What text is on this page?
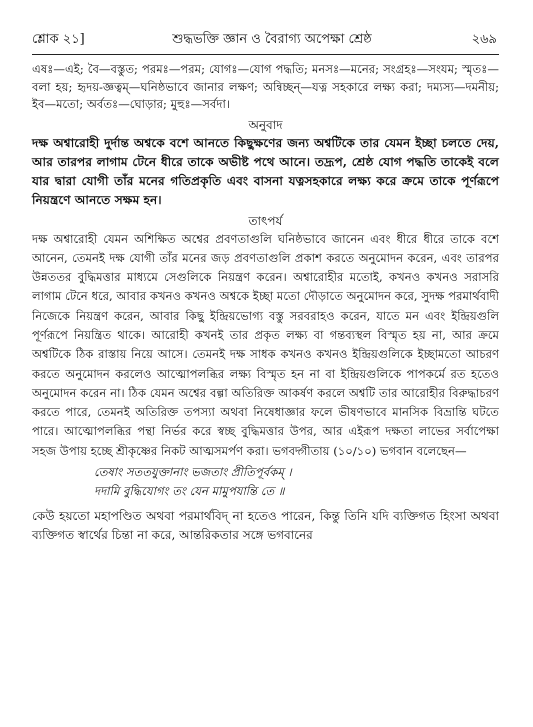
শ্লোক ২১]	শুদ্ধভক্তি জ্ঞান ও বৈরাগ্য অপেক্ষা শ্রেষ্ঠ	২৬৯

এষঃ—এই; বৈ—বস্তুত; পরমঃ—পরম; যোগঃ—যোগ পদ্ধতি; মনসঃ—মনের; সংগ্রহঃ—সংযম; স্মৃতঃ—বলা হয়; হৃদয়-জ্ঞত্বম্—ঘনিষ্ঠভাবে জানার লক্ষণ; অন্বিচ্ছন্—যত্ন সহকারে লক্ষ্য করা; দম্যস্য—দমনীয়; ইব—মতো; অর্বতঃ—ঘোড়ার; মুহুঃ—সর্বদা।

অনুবাদ

দক্ষ অশ্বারোহী দুর্দান্ত অশ্বকে বশে আনতে কিছুক্ষণের জন্য অশ্বটিকে তার যেমন ইচ্ছা চলতে দেয়, আর তারপর লাগাম টেনে ধীরে তাকে অভীষ্ট পথে আনে। তদ্রূপ, শ্রেষ্ঠ যোগ পদ্ধতি তাকেই বলে যার দ্বারা যোগী তাঁর মনের গতিপ্রকৃতি এবং বাসনা যত্নসহকারে লক্ষ্য করে ক্রমে তাকে পূর্ণরূপে নিয়ন্ত্রণে আনতে সক্ষম হন।

তাৎপর্য

দক্ষ অশ্বারোহী যেমন অশিক্ষিত অশ্বের প্রবণতাগুলি ঘনিষ্ঠভাবে জানেন এবং ধীরে ধীরে তাকে বশে আনেন, তেমনই দক্ষ যোগী তাঁর মনের জড় প্রবণতাগুলি প্রকাশ করতে অনুমোদন করেন, এবং তারপর উন্নততর বুদ্ধিমত্তার মাধ্যমে সেগুলিকে নিয়ন্ত্রণ করেন। অশ্বারোহীর মতোই, কখনও কখনও সরাসরি লাগাম টেনে ধরে, আবার কখনও কখনও অশ্বকে ইচ্ছা মতো দৌড়াতে অনুমোদন করে, সুদক্ষ পরমার্থবাদী নিজেকে নিয়ন্ত্রণ করেন, আবার কিছু ইন্দ্রিয়ভোগ্য বস্তু সরবরাহও করেন, যাতে মন এবং ইন্দ্রিয়গুলি পূর্ণরূপে নিয়ন্ত্রিত থাকে। আরোহী কখনই তার প্রকৃত লক্ষ্য বা গন্তব্যস্থল বিস্মৃত হয় না, আর ক্রমে অশ্বটিকে ঠিক রাস্তায় নিয়ে আসে। তেমনই দক্ষ সাধক কখনও কখনও ইন্দ্রিয়গুলিকে ইচ্ছামতো আচরণ করতে অনুমোদন করলেও আত্মোপলব্ধির লক্ষ্য বিস্মৃত হন না বা ইন্দ্রিয়গুলিকে পাপকর্মে রত হতেও অনুমোদন করেন না। ঠিক যেমন অশ্বের বল্গা অতিরিক্ত আকর্ষণ করলে অশ্বটি তার আরোহীর বিরুদ্ধাচরণ করতে পারে, তেমনই অতিরিক্ত তপস্যা অথবা নিষেধাজ্ঞার ফলে ভীষণভাবে মানসিক বিভ্রান্তি ঘটতে পারে। আত্মোপলব্ধির পন্থা নির্ভর করে স্বচ্ছ বুদ্ধিমত্তার উপর, আর এইরূপ দক্ষতা লাভের সর্বাপেক্ষা সহজ উপায় হচ্ছে শ্রীকৃষ্ণের নিকট আত্মসমর্পণ করা। ভগবদ্গীতায় (১০/১০) ভগবান বলেছেন—

তেষাং সততযুক্তানাং ভজতাং প্রীতিপূর্বকম্ ।
দদামি বুদ্ধিযোগং তং যেন মামুপযান্তি তে ॥

কেউ হয়তো মহাপণ্ডিত অথবা পরমার্থবিদ্ না হতেও পারেন, কিন্তু তিনি যদি ব্যক্তিগত হিংসা অথবা ব্যক্তিগত স্বার্থের চিন্তা না করে, আন্তরিকতার সঙ্গে ভগবানের
